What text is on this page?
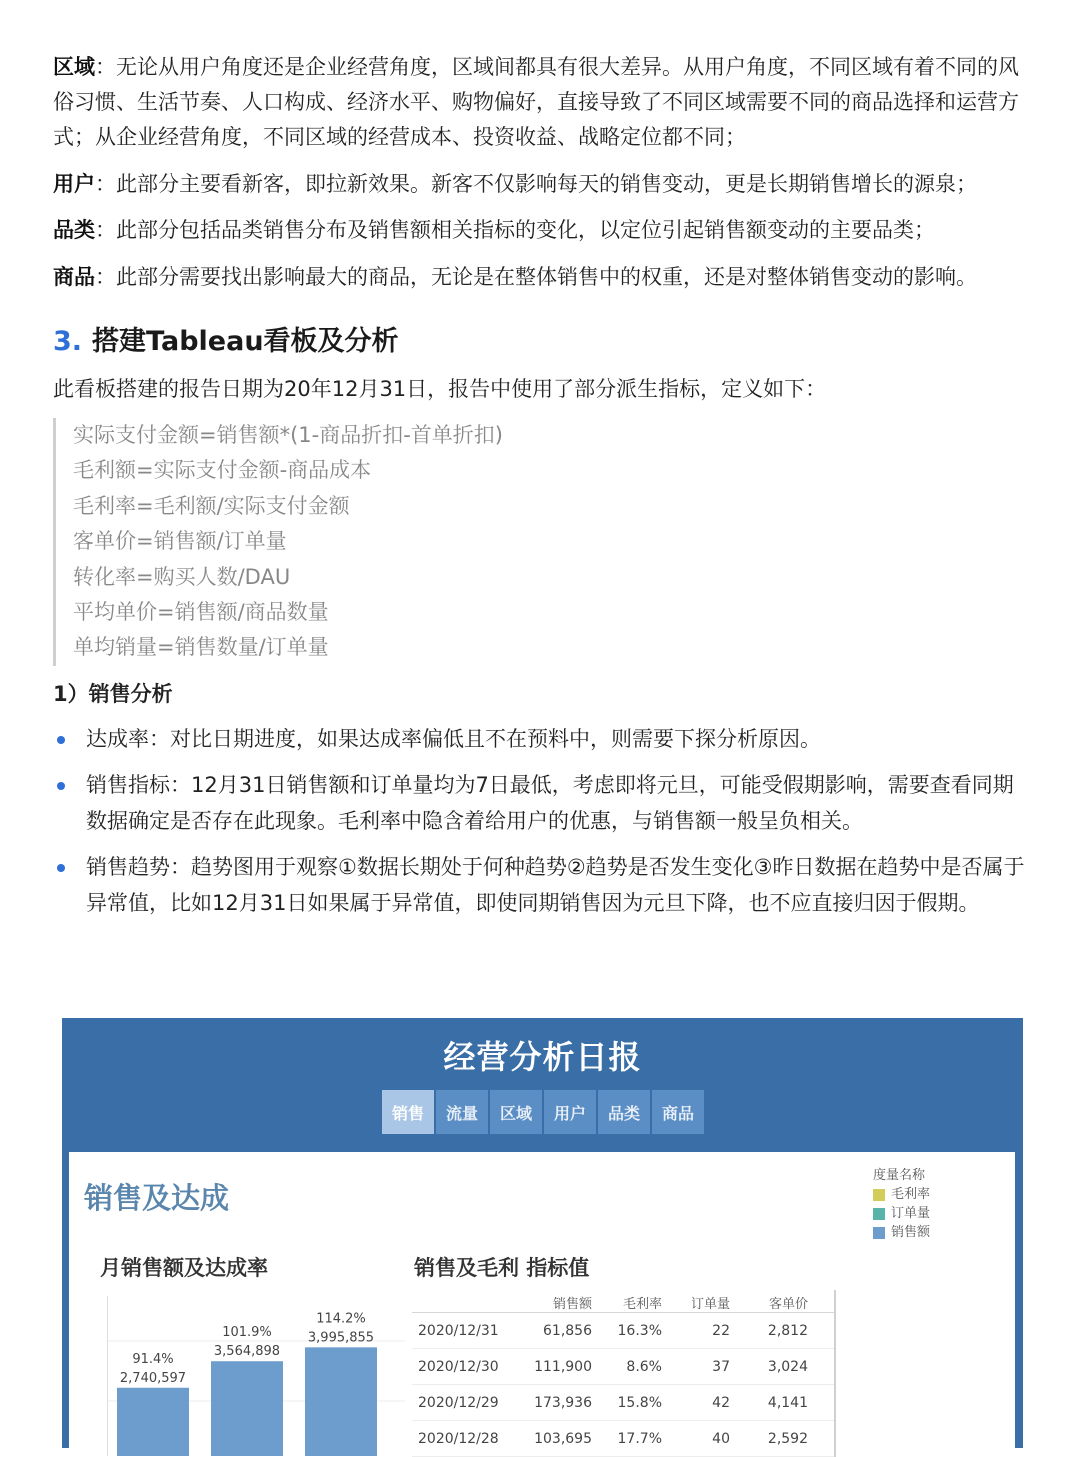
区域：无论从用户角度还是企业经营角度，区域间都具有很大差异。从用户角度，不同区域有着不同的风俗习惯、生活节奏、人口构成、经济水平、购物偏好，直接导致了不同区域需要不同的商品选择和运营方式；从企业经营角度，不同区域的经营成本、投资收益、战略定位都不同；

用户：此部分主要看新客，即拉新效果。新客不仅影响每天的销售变动，更是长期销售增长的源泉；

品类：此部分包括品类销售分布及销售额相关指标的变化，以定位引起销售额变动的主要品类；

商品：此部分需要找出影响最大的商品，无论是在整体销售中的权重，还是对整体销售变动的影响。

3. 搭建Tableau看板及分析

此看板搭建的报告日期为20年12月31日，报告中使用了部分派生指标，定义如下：

实际支付金额=销售额*(1-商品折扣-首单折扣)
毛利额=实际支付金额-商品成本
毛利率=毛利额/实际支付金额
客单价=销售额/订单量
转化率=购买人数/DAU
平均单价=销售额/商品数量
单均销量=销售数量/订单量
1）销售分析
达成率：对比日期进度，如果达成率偏低且不在预料中，则需要下探分析原因。
销售指标：12月31日销售额和订单量均为7日最低，考虑即将元旦，可能受假期影响，需要查看同期数据确定是否存在此现象。毛利率中隐含着给用户的优惠，与销售额一般呈负相关。
销售趋势：趋势图用于观察①数据长期处于何种趋势②趋势是否发生变化③昨日数据在趋势中是否属于异常值，比如12月31日如果属于异常值，即使同期销售因为元旦下降，也不应直接归因于假期。
经营分析日报
销售	流量	区域	用户	品类	商品
销售及达成
度量名称
毛利率
订单量
销售额
月销售额及达成率	销售及毛利 指标值
2,740,597
91.4%
3,564,898
101.9%	3,995,855
114.2%
销售额	毛利率	订单量	客单价
2020/12/31	61,856	16.3%	22	2,812
2020/12/30	111,900	8.6%	37	3,024
2020/12/29	173,936	15.8%	42	4,141
2020/12/28	103,695	17.7%	40	2,592
